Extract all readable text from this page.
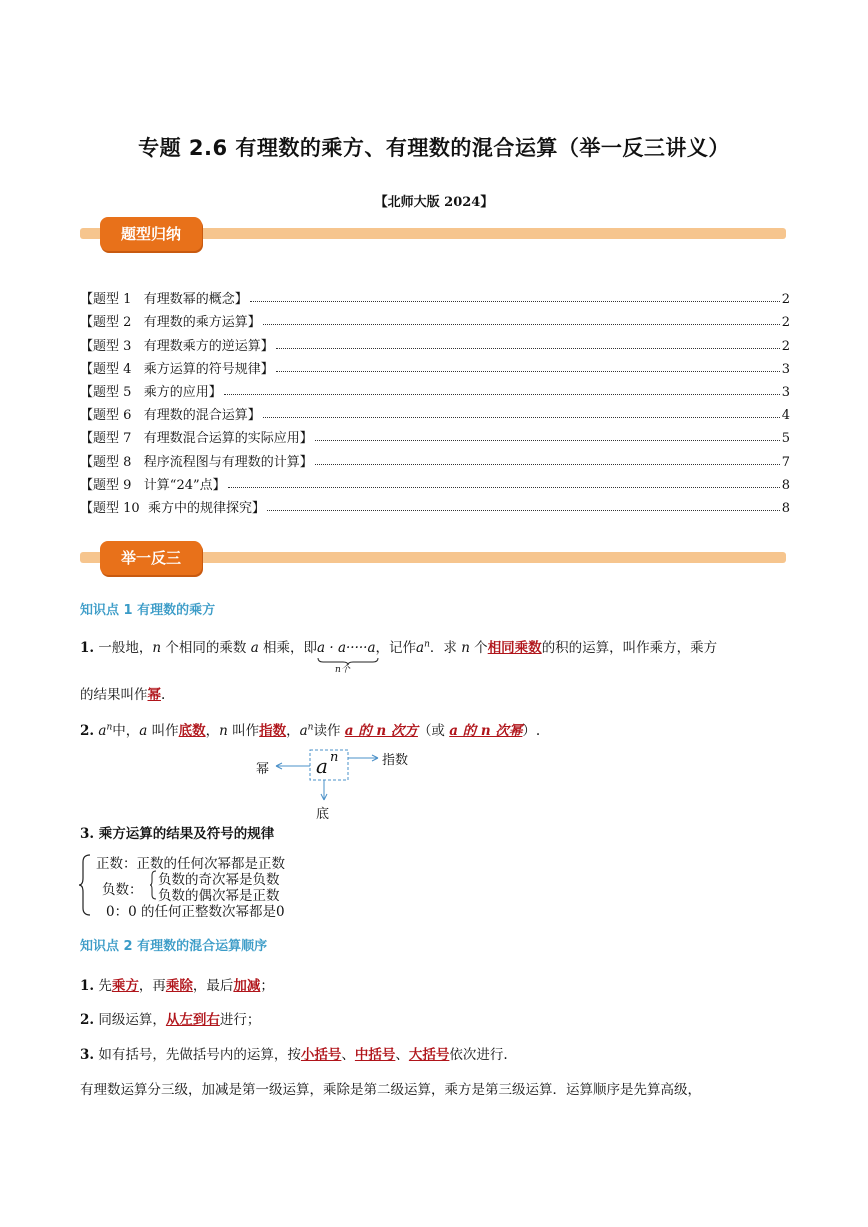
专题 2.6 有理数的乘方、有理数的混合运算（举一反三讲义）
【北师大版 2024】
题型归纳
【题型 1   有理数幂的概念】	2
【题型 2   有理数的乘方运算】	2
【题型 3   有理数乘方的逆运算】	2
【题型 4   乘方运算的符号规律】	3
【题型 5   乘方的应用】	3
【题型 6   有理数的混合运算】	4
【题型 7   有理数混合运算的实际应用】	5
【题型 8   程序流程图与有理数的计算】	7
【题型 9   计算“24”点】	8
【题型 10  乘方中的规律探究】	8
举一反三
知识点 1 有理数的乘方
1. 一般地，n 个相同的乘数 a 相乘，即a · a·····a
n个
，记作$a^n$．求 n 个相同乘数的积的运算，叫作乘方，乘方
的结果叫作幂.
2. $a^n$中，a 叫作底数，n 叫作指数，$a^n$读作 a 的 n 次方（或 a 的 n 次幂）.
a n
幂
指数
底
3. 乘方运算的结果及符号的规律
正数：正数的任何次幂都是正数
负数：
负数的奇次幂是负数
负数的偶次幂是正数
0：0 的任何正整数次幂都是0
知识点 2 有理数的混合运算顺序
1. 先乘方，再乘除，最后加减；
2. 同级运算，从左到右进行；
3. 如有括号，先做括号内的运算，按小括号、中括号、大括号依次进行.
有理数运算分三级，加减是第一级运算，乘除是第二级运算，乘方是第三级运算．运算顺序是先算高级，
